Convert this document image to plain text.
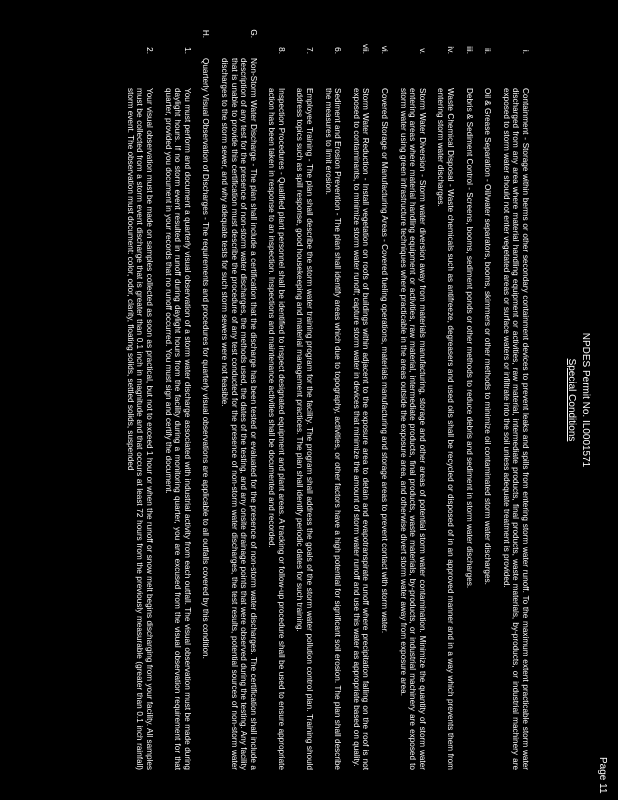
Page 11
NPDES Permit No. IL0001571
Special Conditions
i.
Containment - Storage within berms or other secondary containment devices to prevent leaks and spills from entering storm water runoff. To the maximum extent practicable storm water discharged from any area where material handling equipment or activities, raw material, intermediate products, final products, waste materials, by-products, or industrial machinery are exposed to storm water should not enter vegetated areas or surface waters or infiltrate into the soil unless adequate treatment is provided.
ii.
Oil & Grease Separation - Oil/water separators, booms, skimmers or other methods to minimize oil contaminated storm water discharges.
iii.
Debris & Sediment Control - Screens, booms, sediment ponds or other methods to reduce debris and sediment in storm water discharges.
iv.
Waste Chemical Disposal - Waste chemicals such as antifreeze, degreasers and used oils shall be recycled or disposed of in an approved manner and in a way which prevents them from entering storm water discharges.
v.
Storm Water Diversion - Storm water diversion away from materials manufacturing, storage and other areas of potential storm water contamination. Minimize the quantity of storm water entering areas where material handling equipment or activities, raw material, intermediate products, final products, waste materials, by-products, or industrial machinery are exposed to storm water using green infrastructure techniques where practicable in the areas outside the exposure area, and otherwise divert storm water away from exposure area.
vi.
Covered Storage or Manufacturing Areas - Covered fueling operations, materials manufacturing and storage areas to prevent contact with storm water.
vii.
Storm Water Reduction - Install vegetation on roofs of buildings within adjacent to the exposure area to detain and evapotranspirate runoff where precipitation falling on the roof is not exposed to contaminants, to minimize storm water runoff; capture storm water in devices that minimize the amount of storm water runoff and use this water as appropriate based on quality.
6.
Sediment and Erosion Prevention - The plan shall identify areas which due to topography, activities, or other factors have a high potential for significant soil erosion. The plan shall describe the measures to limit erosion.
7.
Employee Training - The plan shall describe the storm water training program for the facility. The program shall address the goals of the storm water pollution control plan. Training should address topics such as spill response, good housekeeping and material management practices. The plan shall identify periodic dates for such training.
8.
Inspection Procedures - Qualified plant personnel shall be identified to inspect designated equipment and plant areas. A tracking or follow-up procedure shall be used to ensure appropriate action has been taken in response to an inspection. Inspections and maintenance activities shall be documented and recorded.
G.
Non-Storm Water Discharge - The plan shall include a certification that the discharge has been tested or evaluated for the presence of non-storm water discharges. The certification shall include a description of any test for the presence of non-storm water discharges, the methods used, the dates of the testing, and any onsite drainage points that were observed during the testing. Any facility that is unable to provide this certification must describe the procedure of any test conducted for the presence of non-storm water discharges, the test results, potential sources of non-storm water discharges to the storm sewer, and why adequate tests for such storm sewers were not feasible.
H.
Quarterly Visual Observation of Discharges - The requirements and procedures for quarterly visual observations are applicable to all outfalls covered by this condition.
1.
You must perform and document a quarterly visual observation of a storm water discharge associated with industrial activity from each outfall. The visual observation must be made during daylight hours. If no storm event resulted in runoff during daylight hours from the facility during a monitoring quarter, you are excused from the visual observation requirement for that quarter, provided you document in your records that no runoff occurred. You must sign and certify the document.
2.
Your visual observation must be made on samples collected as soon as practical, but not to exceed 1 hour or when the runoff or snow melt begins discharging from your facility. All samples must be collected from a storm event discharge that is greater than 0.1 inch in magnitude and that occurs at least 72 hours from the previously measurable (greater than 0.1 inch rainfall) storm event. The observation must document: color, odor, clarity, floating solids, settled solids, suspended
